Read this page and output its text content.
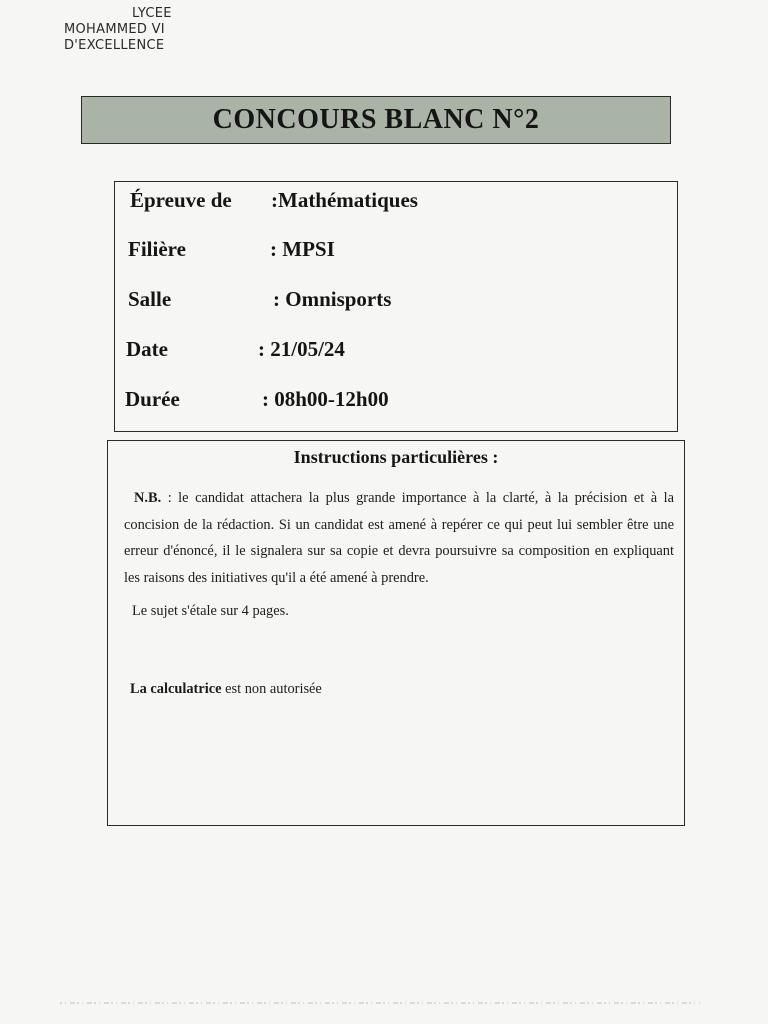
LYCEE
MOHAMMED VI
D'EXCELLENCE
CONCOURS BLANC N°2
Épreuve de :Mathématiques
Filière	: MPSI
Salle	: Omnisports
Date	: 21/05/24
Durée	: 08h00-12h00
Instructions particulières :
N.B. : le candidat attachera la plus grande importance à la clarté, à la précision et à la concision de la rédaction. Si un candidat est amené à repérer ce qui peut lui sembler être une erreur d'énoncé, il le signalera sur sa copie et devra poursuivre sa composition en expliquant les raisons des initiatives qu'il a été amené à prendre.
Le sujet s'étale sur 4 pages.
La calculatrice est non autorisée
